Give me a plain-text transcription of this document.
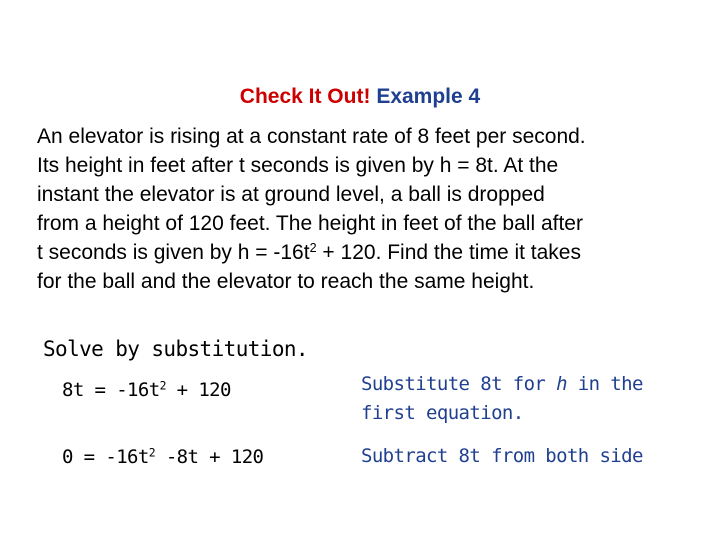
Check It Out! Example 4
An elevator is rising at a constant rate of 8 feet per second.
Its height in feet after t seconds is given by h = 8t. At the
instant the elevator is at ground level, a ball is dropped
from a height of 120 feet. The height in feet of the ball after
t seconds is given by $h = -16t^2 + 120$. Find the time it takes
for the ball and the elevator to reach the same height.
Solve by substitution.
$8t = -16t^2 + 120$	Substitute 8t for h in the
first equation.
$0 = -16t^2$ -8t + 120	Subtract 8t from both side
